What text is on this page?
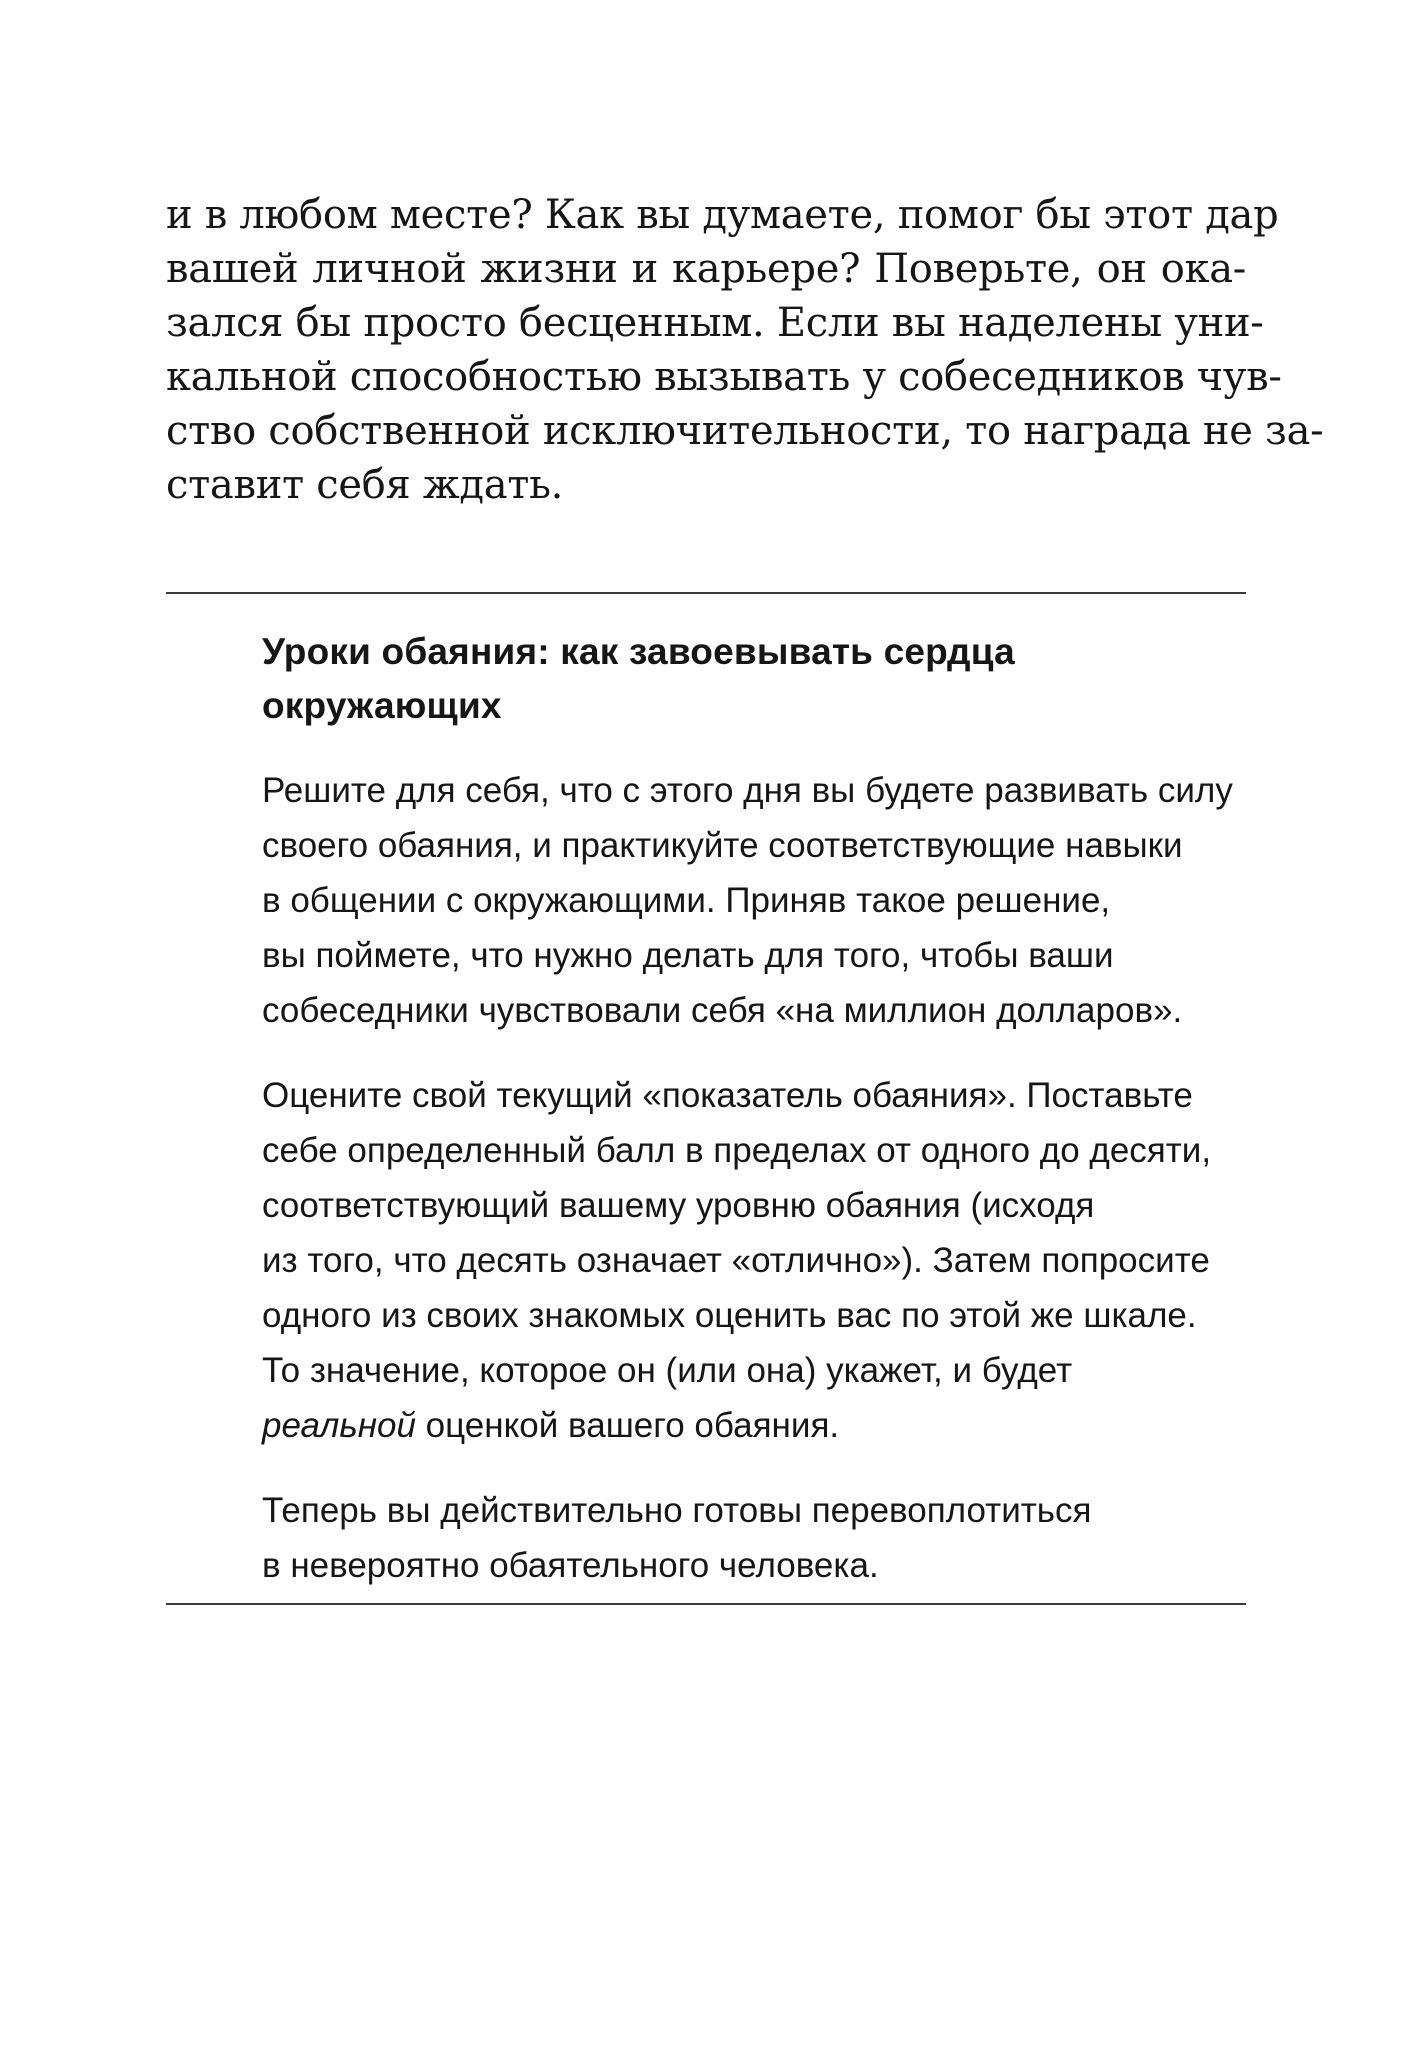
и в любом месте? Как вы думаете, помог бы этот дар
вашей личной жизни и карьере? Поверьте, он ока-
зался бы просто бесценным. Если вы наделены уни-
кальной способностью вызывать у собеседников чув-
ство собственной исключительности, то награда не за-
ставит себя ждать.
Уроки обаяния: как завоевывать сердца
окружающих

Решите для себя, что с этого дня вы будете развивать силу
своего обаяния, и практикуйте соответствующие навыки
в общении с окружающими. Приняв такое решение,
вы поймете, что нужно делать для того, чтобы ваши
собеседники чувствовали себя «на миллион долларов».

Оцените свой текущий «показатель обаяния». Поставьте
себе определенный балл в пределах от одного до десяти,
соответствующий вашему уровню обаяния (исходя
из того, что десять означает «отлично»). Затем попросите
одного из своих знакомых оценить вас по этой же шкале.
То значение, которое он (или она) укажет, и будет
реальной оценкой вашего обаяния.

Теперь вы действительно готовы перевоплотиться
в невероятно обаятельного человека.
